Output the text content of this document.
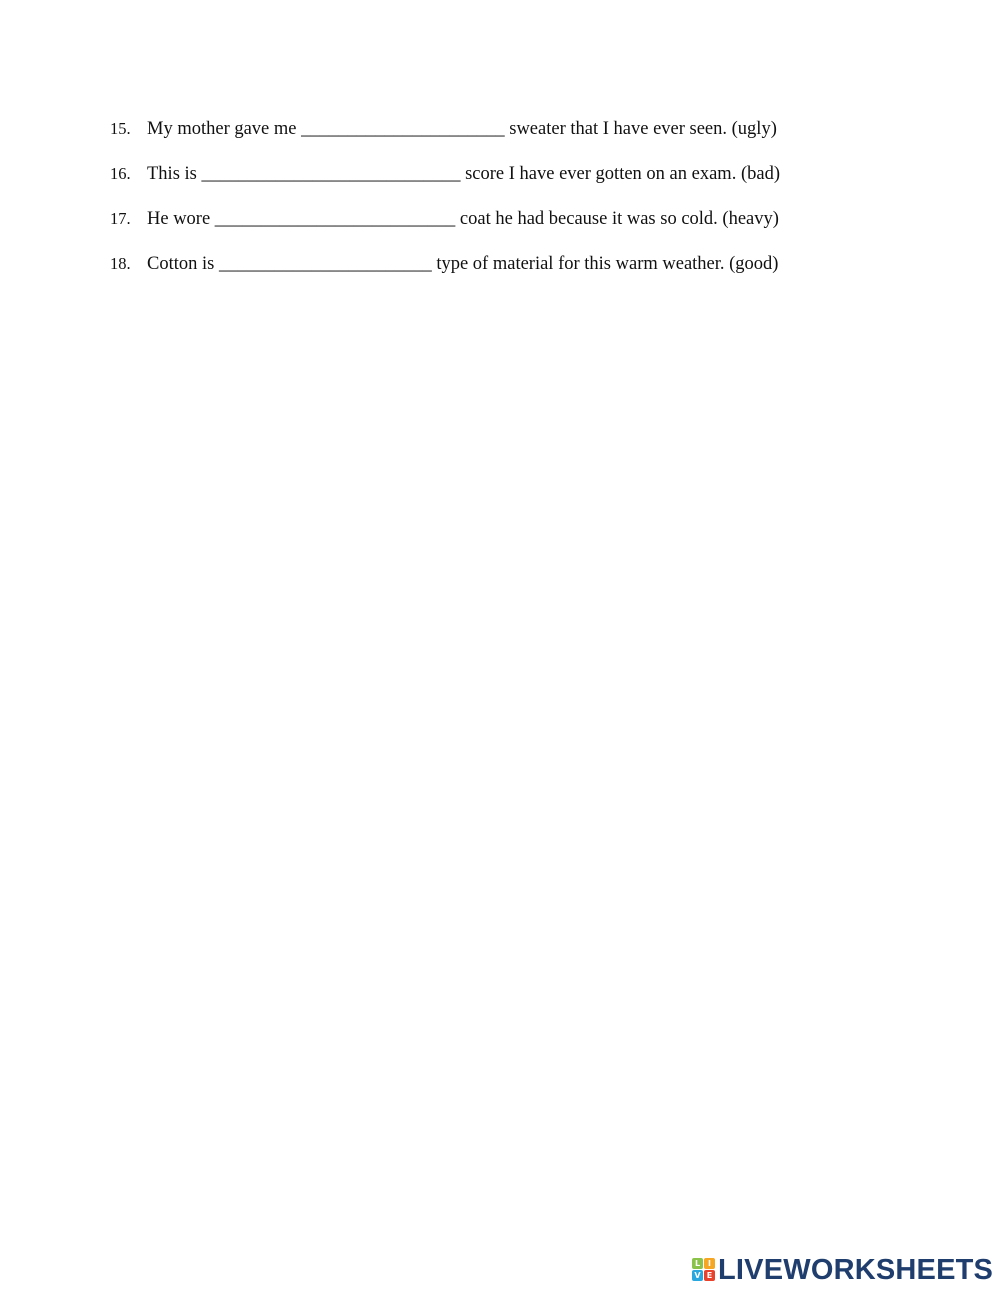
15. My mother gave me ______________________ sweater that I have ever seen. (ugly)
16. This is ____________________________ score I have ever gotten on an exam. (bad)
17. He wore __________________________ coat he had because it was so cold. (heavy)
18. Cotton is _______________________ type of material for this warm weather. (good)
L I
V E LIVEWORKSHEETS
